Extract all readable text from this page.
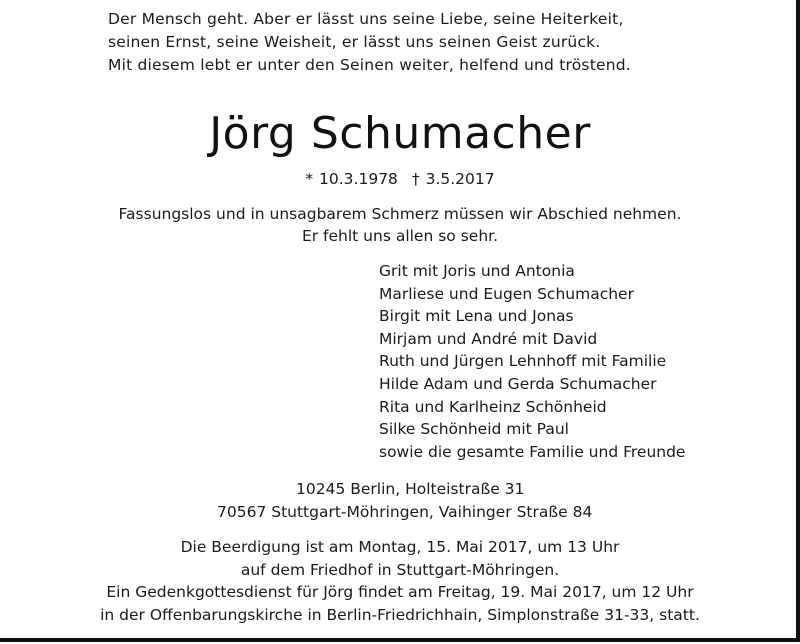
Der Mensch geht. Aber er lässt uns seine Liebe, seine Heiterkeit,
seinen Ernst, seine Weisheit, er lässt uns seinen Geist zurück.
Mit diesem lebt er unter den Seinen weiter, helfend und tröstend.
Jörg Schumacher
* 10.3.1978 † 3.5.2017
Fassungslos und in unsagbarem Schmerz müssen wir Abschied nehmen.
Er fehlt uns allen so sehr.
Grit mit Joris und Antonia
Marliese und Eugen Schumacher
Birgit mit Lena und Jonas
Mirjam und André mit David
Ruth und Jürgen Lehnhoff mit Familie
Hilde Adam und Gerda Schumacher
Rita und Karlheinz Schönheid
Silke Schönheid mit Paul
sowie die gesamte Familie und Freunde
10245 Berlin, Holteistraße 31
70567 Stuttgart-Möhringen, Vaihinger Straße 84
Die Beerdigung ist am Montag, 15. Mai 2017, um 13 Uhr
auf dem Friedhof in Stuttgart-Möhringen.
Ein Gedenkgottesdienst für Jörg findet am Freitag, 19. Mai 2017, um 12 Uhr
in der Offenbarungskirche in Berlin-Friedrichhain, Simplonstraße 31-33, statt.
